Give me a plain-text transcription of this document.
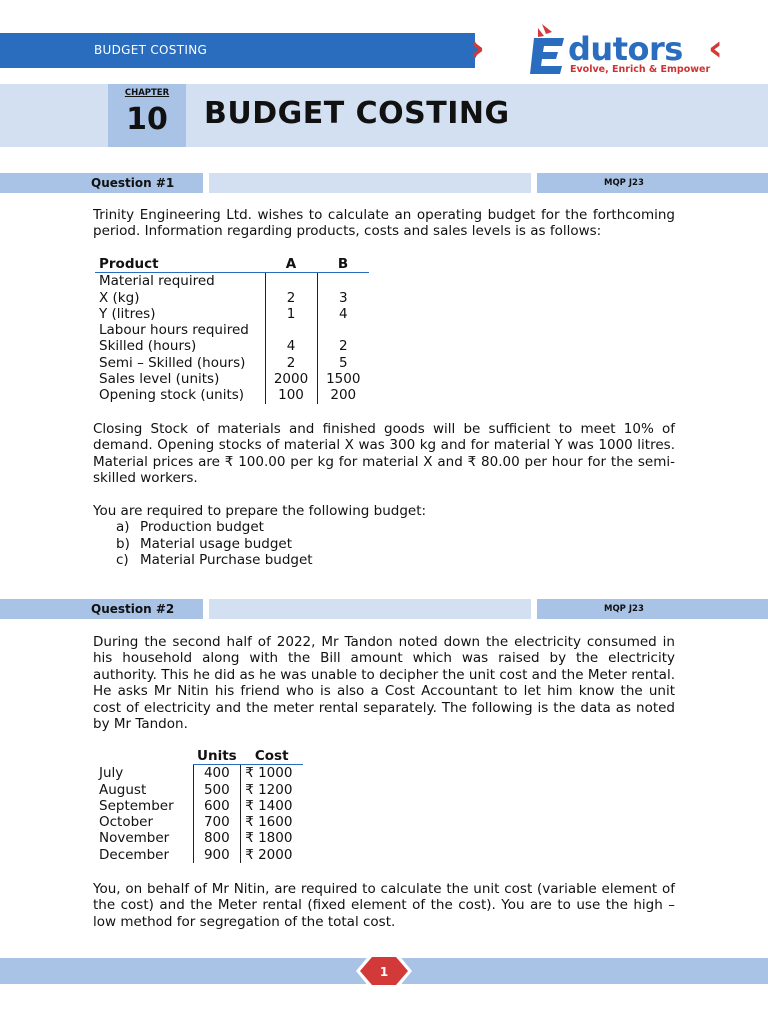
BUDGET COSTING	›	‹
dutors
Evolve, Enrich & Empower
CHAPTER
10	BUDGET COSTING
Question #1	MQP J23

Trinity Engineering Ltd. wishes to calculate an operating budget for the forthcoming period. Information regarding products, costs and sales levels is as follows:

Product	A	B
Material required		
X (kg)	2	3
Y (litres)	1	4
Labour hours required		
Skilled (hours)	4	2
Semi – Skilled (hours)	2	5
Sales level (units)	2000	1500
Opening stock (units)	100	200

Closing Stock of materials and finished goods will be sufficient to meet 10% of demand. Opening stocks of material X was 300 kg and for material Y was 1000 litres. Material prices are ₹ 100.00 per kg for material X and ₹ 80.00 per hour for the semi-skilled workers.

You are required to prepare the following budget:

a) Production budget
b) Material usage budget
c) Material Purchase budget
Question #2	MQP J23

During the second half of 2022, Mr Tandon noted down the electricity consumed in his household along with the Bill amount which was raised by the electricity authority. This he did as he was unable to decipher the unit cost and the Meter rental. He asks Mr Nitin his friend who is also a Cost Accountant to let him know the unit cost of electricity and the meter rental separately. The following is the data as noted by Mr Tandon.

	Units	Cost
July	400	₹ 1000
August	500	₹ 1200
September	600	₹ 1400
October	700	₹ 1600
November	800	₹ 1800
December	900	₹ 2000

You, on behalf of Mr Nitin, are required to calculate the unit cost (variable element of the cost) and the Meter rental (fixed element of the cost). You are to use the high – low method for segregation of the total cost.

1
